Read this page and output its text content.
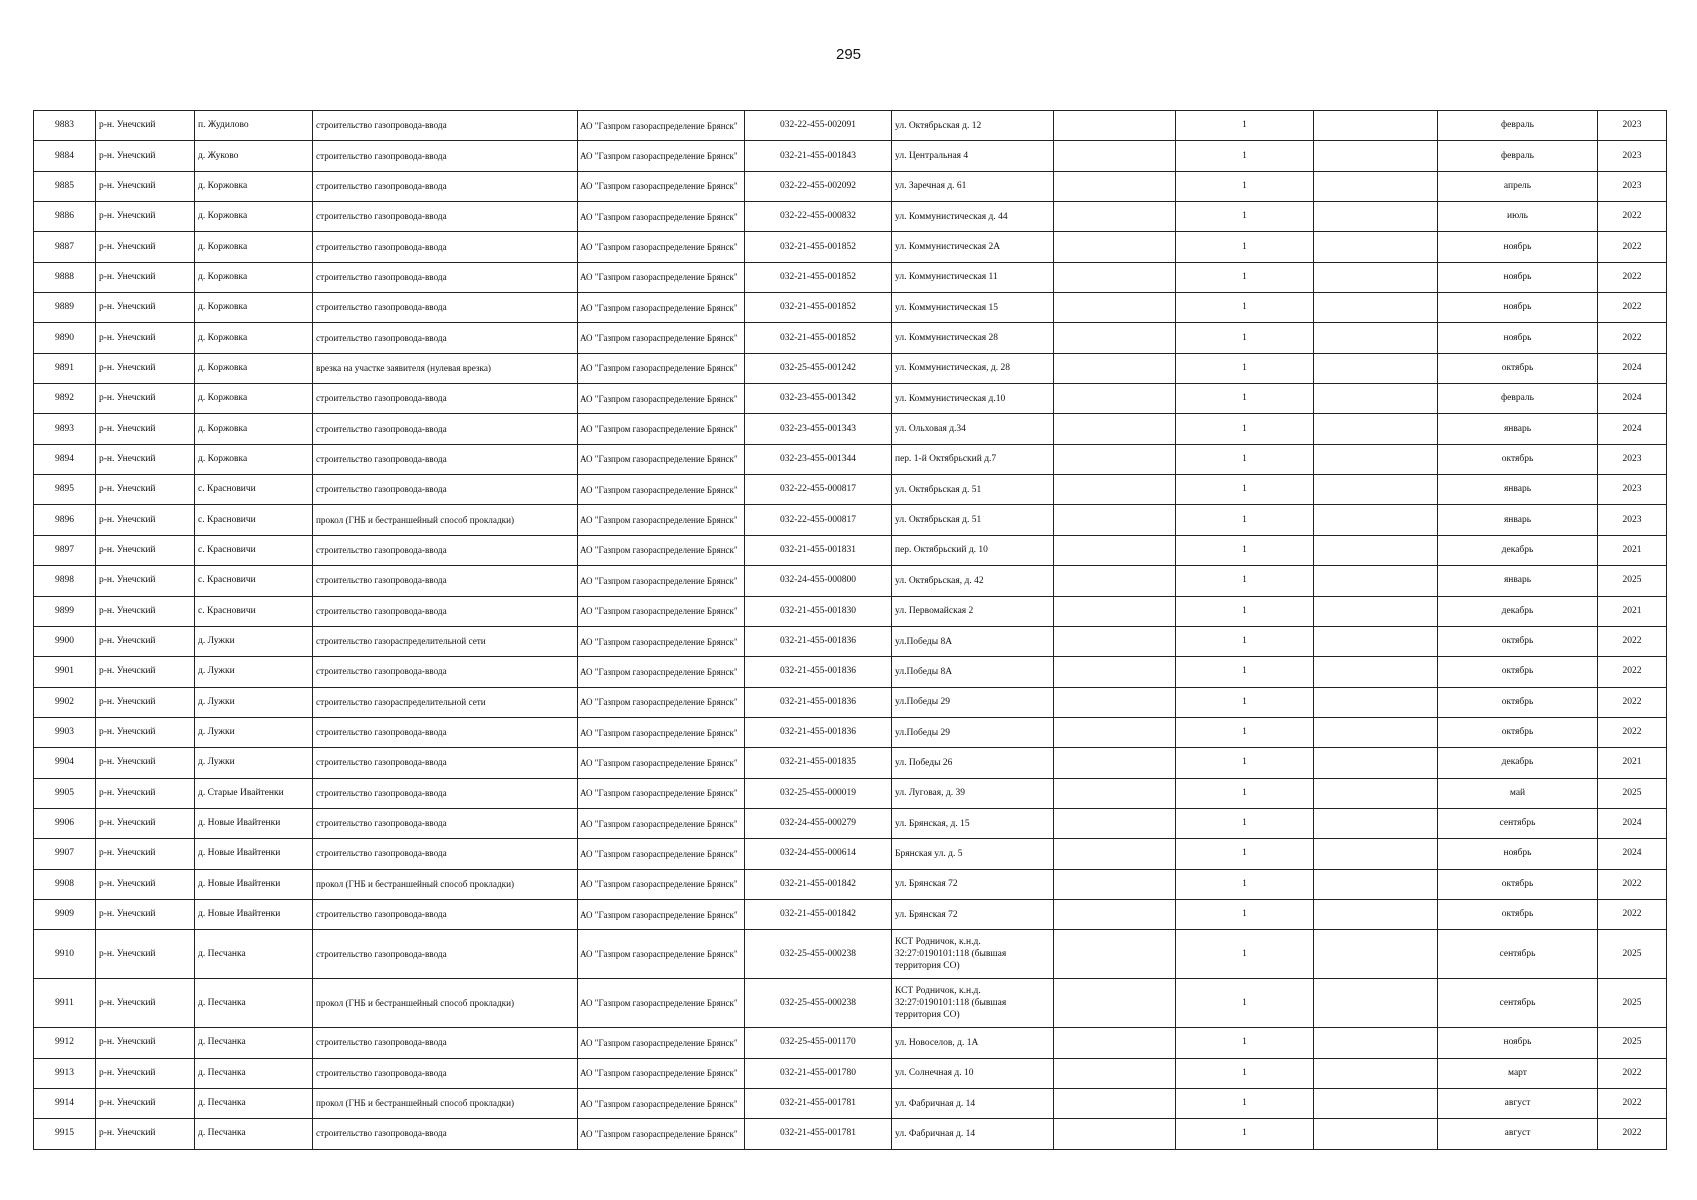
295
9883	р-н. Унечский	п. Жудилово	строительство газопровода-ввода	АО "Газпром газораспределение Брянск"	032-22-455-002091	ул. Октябрьская д. 12		1		февраль	2023
9884	р-н. Унечский	д. Жуково	строительство газопровода-ввода	АО "Газпром газораспределение Брянск"	032-21-455-001843	ул. Центральная 4		1		февраль	2023
9885	р-н. Унечский	д. Коржовка	строительство газопровода-ввода	АО "Газпром газораспределение Брянск"	032-22-455-002092	ул. Заречная д. 61		1		апрель	2023
9886	р-н. Унечский	д. Коржовка	строительство газопровода-ввода	АО "Газпром газораспределение Брянск"	032-22-455-000832	ул. Коммунистическая д. 44		1		июль	2022
9887	р-н. Унечский	д. Коржовка	строительство газопровода-ввода	АО "Газпром газораспределение Брянск"	032-21-455-001852	ул. Коммунистическая 2А		1		ноябрь	2022
9888	р-н. Унечский	д. Коржовка	строительство газопровода-ввода	АО "Газпром газораспределение Брянск"	032-21-455-001852	ул. Коммунистическая 11		1		ноябрь	2022
9889	р-н. Унечский	д. Коржовка	строительство газопровода-ввода	АО "Газпром газораспределение Брянск"	032-21-455-001852	ул. Коммунистическая 15		1		ноябрь	2022
9890	р-н. Унечский	д. Коржовка	строительство газопровода-ввода	АО "Газпром газораспределение Брянск"	032-21-455-001852	ул. Коммунистическая 28		1		ноябрь	2022
9891	р-н. Унечский	д. Коржовка	врезка на участке заявителя (нулевая врезка)	АО "Газпром газораспределение Брянск"	032-25-455-001242	ул. Коммунистическая, д. 28		1		октябрь	2024
9892	р-н. Унечский	д. Коржовка	строительство газопровода-ввода	АО "Газпром газораспределение Брянск"	032-23-455-001342	ул. Коммунистическая д.10		1		февраль	2024
9893	р-н. Унечский	д. Коржовка	строительство газопровода-ввода	АО "Газпром газораспределение Брянск"	032-23-455-001343	ул. Ольховая д.34		1		январь	2024
9894	р-н. Унечский	д. Коржовка	строительство газопровода-ввода	АО "Газпром газораспределение Брянск"	032-23-455-001344	пер. 1-й Октябрьский д.7		1		октябрь	2023
9895	р-н. Унечский	с. Красновичи	строительство газопровода-ввода	АО "Газпром газораспределение Брянск"	032-22-455-000817	ул. Октябрьская д. 51		1		январь	2023
9896	р-н. Унечский	с. Красновичи	прокол (ГНБ и бестраншейный способ прокладки)	АО "Газпром газораспределение Брянск"	032-22-455-000817	ул. Октябрьская д. 51		1		январь	2023
9897	р-н. Унечский	с. Красновичи	строительство газопровода-ввода	АО "Газпром газораспределение Брянск"	032-21-455-001831	пер. Октябрьский д. 10		1		декабрь	2021
9898	р-н. Унечский	с. Красновичи	строительство газопровода-ввода	АО "Газпром газораспределение Брянск"	032-24-455-000800	ул. Октябрьская, д. 42		1		январь	2025
9899	р-н. Унечский	с. Красновичи	строительство газопровода-ввода	АО "Газпром газораспределение Брянск"	032-21-455-001830	ул. Первомайская 2		1		декабрь	2021
9900	р-н. Унечский	д. Лужки	строительство газораспределительной сети	АО "Газпром газораспределение Брянск"	032-21-455-001836	ул.Победы 8А		1		октябрь	2022
9901	р-н. Унечский	д. Лужки	строительство газопровода-ввода	АО "Газпром газораспределение Брянск"	032-21-455-001836	ул.Победы 8А		1		октябрь	2022
9902	р-н. Унечский	д. Лужки	строительство газораспределительной сети	АО "Газпром газораспределение Брянск"	032-21-455-001836	ул.Победы 29		1		октябрь	2022
9903	р-н. Унечский	д. Лужки	строительство газопровода-ввода	АО "Газпром газораспределение Брянск"	032-21-455-001836	ул.Победы 29		1		октябрь	2022
9904	р-н. Унечский	д. Лужки	строительство газопровода-ввода	АО "Газпром газораспределение Брянск"	032-21-455-001835	ул. Победы 26		1		декабрь	2021
9905	р-н. Унечский	д. Старые Ивайтенки	строительство газопровода-ввода	АО "Газпром газораспределение Брянск"	032-25-455-000019	ул. Луговая, д. 39		1		май	2025
9906	р-н. Унечский	д. Новые Ивайтенки	строительство газопровода-ввода	АО "Газпром газораспределение Брянск"	032-24-455-000279	ул. Брянская, д. 15		1		сентябрь	2024
9907	р-н. Унечский	д. Новые Ивайтенки	строительство газопровода-ввода	АО "Газпром газораспределение Брянск"	032-24-455-000614	Брянская ул. д. 5		1		ноябрь	2024
9908	р-н. Унечский	д. Новые Ивайтенки	прокол (ГНБ и бестраншейный способ прокладки)	АО "Газпром газораспределение Брянск"	032-21-455-001842	ул. Брянская 72		1		октябрь	2022
9909	р-н. Унечский	д. Новые Ивайтенки	строительство газопровода-ввода	АО "Газпром газораспределение Брянск"	032-21-455-001842	ул. Брянская 72		1		октябрь	2022
9910	р-н. Унечский	д. Песчанка	строительство газопровода-ввода	АО "Газпром газораспределение Брянск"	032-25-455-000238	КСТ Родничок, к.н.д. 32:27:0190101:118 (бывшая территория СО)		1		сентябрь	2025
9911	р-н. Унечский	д. Песчанка	прокол (ГНБ и бестраншейный способ прокладки)	АО "Газпром газораспределение Брянск"	032-25-455-000238	КСТ Родничок, к.н.д. 32:27:0190101:118 (бывшая территория СО)		1		сентябрь	2025
9912	р-н. Унечский	д. Песчанка	строительство газопровода-ввода	АО "Газпром газораспределение Брянск"	032-25-455-001170	ул. Новоселов, д. 1А		1		ноябрь	2025
9913	р-н. Унечский	д. Песчанка	строительство газопровода-ввода	АО "Газпром газораспределение Брянск"	032-21-455-001780	ул. Солнечная д. 10		1		март	2022
9914	р-н. Унечский	д. Песчанка	прокол (ГНБ и бестраншейный способ прокладки)	АО "Газпром газораспределение Брянск"	032-21-455-001781	ул. Фабричная д. 14		1		август	2022
9915	р-н. Унечский	д. Песчанка	строительство газопровода-ввода	АО "Газпром газораспределение Брянск"	032-21-455-001781	ул. Фабричная д. 14		1		август	2022
